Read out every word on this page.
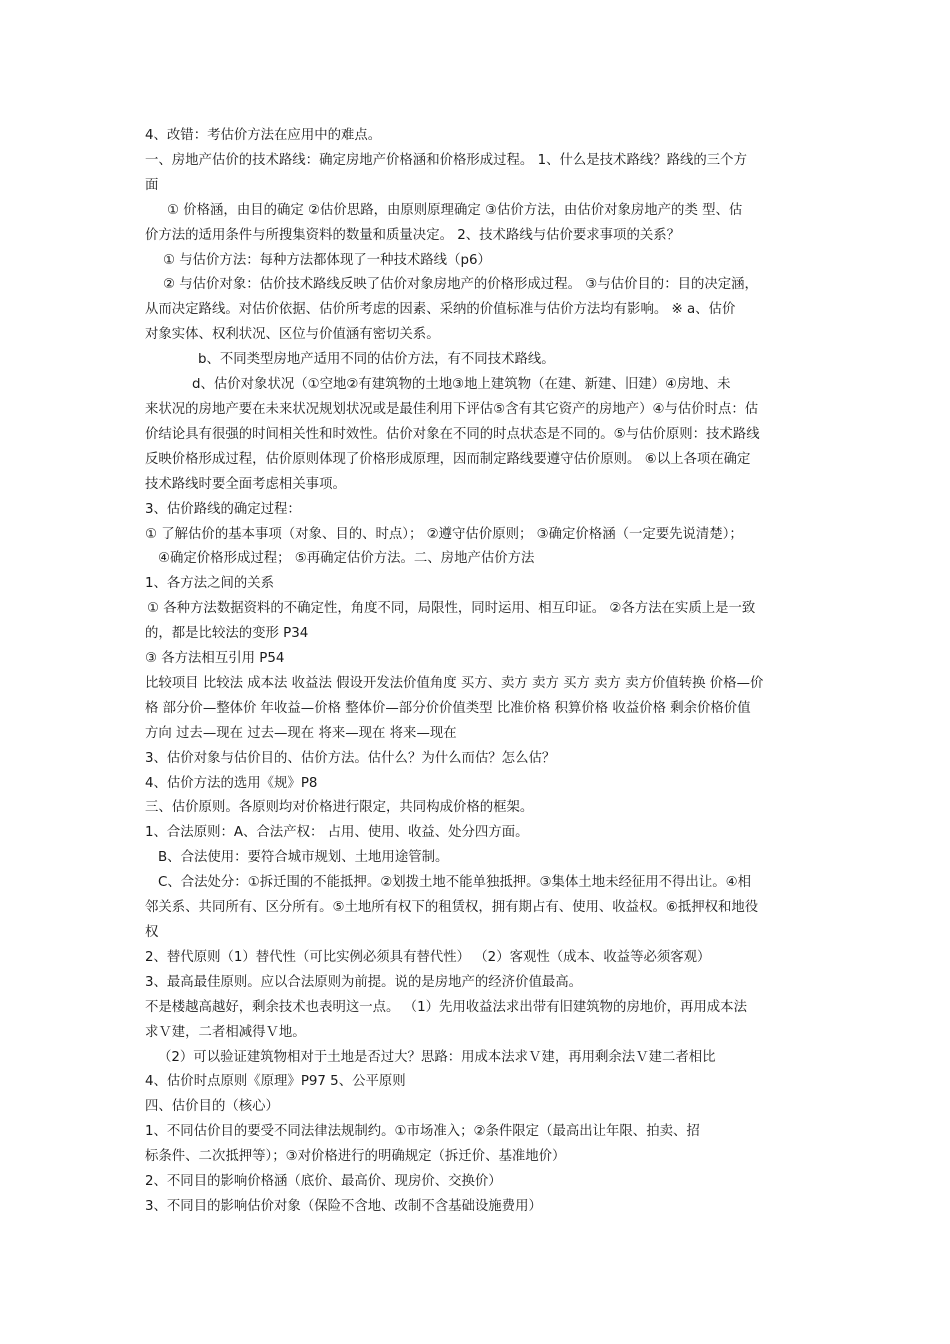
4、改错：考估价方法在应用中的难点。
一、房地产估价的技术路线：确定房地产价格涵和价格形成过程。 1、什么是技术路线？路线的三个方
面
① 价格涵，由目的确定 ②估价思路，由原则原理确定 ③估价方法，由估价对象房地产的类 型、估
价方法的适用条件与所搜集资料的数量和质量决定。 2、技术路线与估价要求事项的关系？
① 与估价方法：每种方法都体现了一种技术路线（p6）
② 与估价对象：估价技术路线反映了估价对象房地产的价格形成过程。 ③与估价目的：目的决定涵，
从而决定路线。对估价依据、估价所考虑的因素、采纳的价值标准与估价方法均有影响。 ※ a、估价
对象实体、权利状况、区位与价值涵有密切关系。
b、不同类型房地产适用不同的估价方法，有不同技术路线。
d、估价对象状况（①空地②有建筑物的土地③地上建筑物（在建、新建、旧建）④房地、未
来状况的房地产要在未来状况规划状况或是最佳利用下评估⑤含有其它资产的房地产）④与估价时点：估
价结论具有很强的时间相关性和时效性。估价对象在不同的时点状态是不同的。⑤与估价原则：技术路线
反映价格形成过程，估价原则体现了价格形成原理，因而制定路线要遵守估价原则。 ⑥以上各项在确定
技术路线时要全面考虑相关事项。
3、估价路线的确定过程：
① 了解估价的基本事项（对象、目的、时点）； ②遵守估价原则； ③确定价格涵（一定要先说清楚）；
④确定价格形成过程； ⑤再确定估价方法。二、房地产估价方法
1、各方法之间的关系
① 各种方法数据资料的不确定性，角度不同，局限性，同时运用、相互印证。 ②各方法在实质上是一致
的，都是比较法的变形 P34
③ 各方法相互引用 P54
比较项目 比较法 成本法 收益法 假设开发法价值角度 买方、卖方 卖方 买方 卖方 卖方价值转换 价格—价
格 部分价—整体价 年收益—价格 整体价—部分价价值类型 比准价格 积算价格 收益价格 剩余价格价值
方向 过去—现在 过去—现在 将来—现在 将来—现在
3、估价对象与估价目的、估价方法。估什么？为什么而估？怎么估？
4、估价方法的选用《规》P8
三、估价原则。各原则均对价格进行限定，共同构成价格的框架。
1、合法原则：A、合法产权： 占用、使用、收益、处分四方面。
B、合法使用：要符合城市规划、土地用途管制。
C、合法处分：①拆迁围的不能抵押。②划拨土地不能单独抵押。③集体土地未经征用不得出让。④相
邻关系、共同所有、区分所有。⑤土地所有权下的租赁权，拥有期占有、使用、收益权。⑥抵押权和地役
权
2、替代原则（1）替代性（可比实例必须具有替代性） （2）客观性（成本、收益等必须客观）
3、最高最佳原则。应以合法原则为前提。说的是房地产的经济价值最高。
不是楼越高越好，剩余技术也表明这一点。 （1）先用收益法求出带有旧建筑物的房地价，再用成本法
求Ｖ建，二者相减得Ｖ地。
（2）可以验证建筑物相对于土地是否过大？思路：用成本法求Ｖ建，再用剩余法Ｖ建二者相比
4、估价时点原则《原理》P97 5、公平原则
四、估价目的（核心）
1、不同估价目的要受不同法律法规制约。①市场准入；②条件限定（最高出让年限、拍卖、招
标条件、二次抵押等）；③对价格进行的明确规定（拆迁价、基准地价）
2、不同目的影响价格涵（底价、最高价、现房价、交换价）
3、不同目的影响估价对象（保险不含地、改制不含基础设施费用）
